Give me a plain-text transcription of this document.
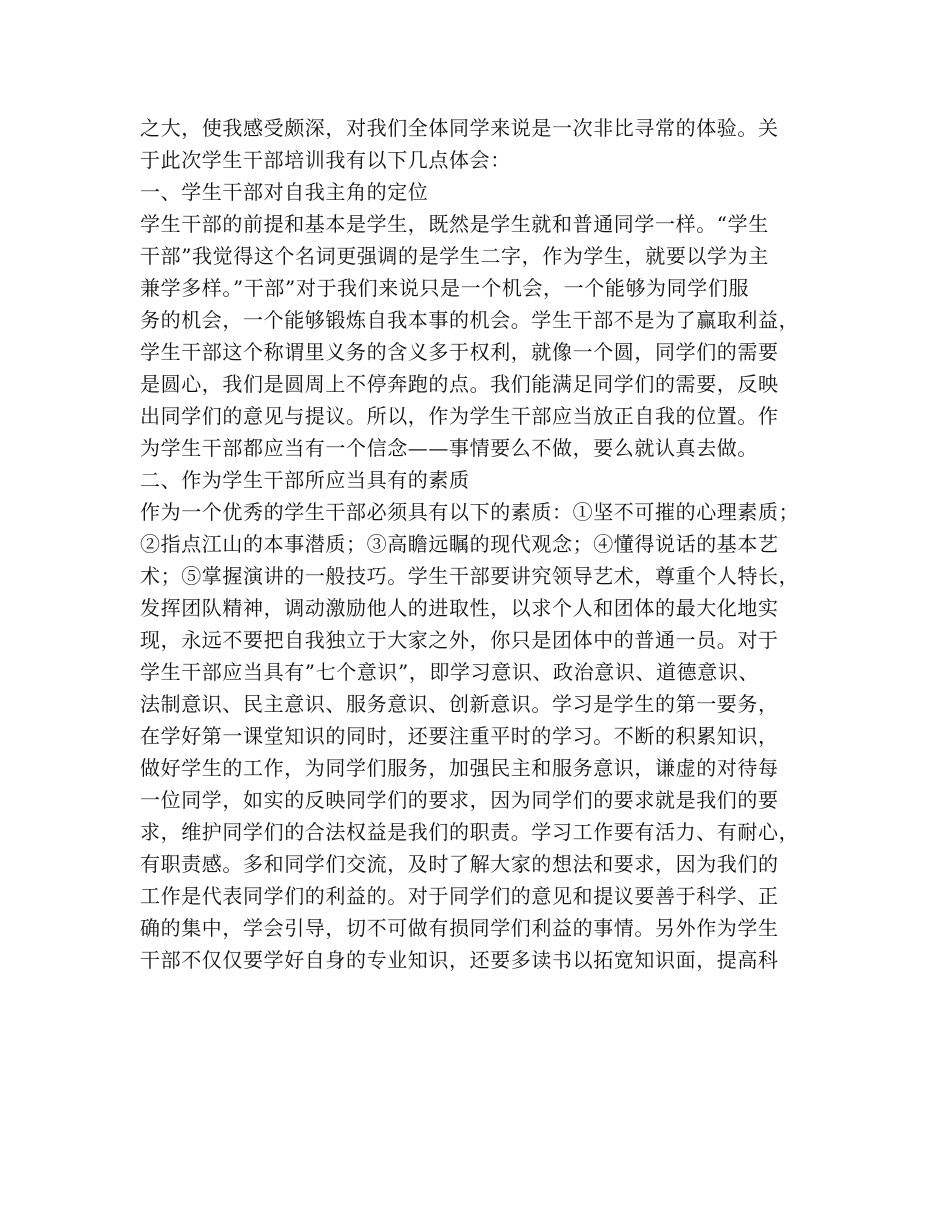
之大，使我感受颇深，对我们全体同学来说是一次非比寻常的体验。关
于此次学生干部培训我有以下几点体会：
一、学生干部对自我主角的定位
学生干部的前提和基本是学生，既然是学生就和普通同学一样。“学生
干部”我觉得这个名词更强调的是学生二字，作为学生，就要以学为主
兼学多样。”干部”对于我们来说只是一个机会，一个能够为同学们服
务的机会，一个能够锻炼自我本事的机会。学生干部不是为了赢取利益，
学生干部这个称谓里义务的含义多于权利，就像一个圆，同学们的需要
是圆心，我们是圆周上不停奔跑的点。我们能满足同学们的需要，反映
出同学们的意见与提议。所以，作为学生干部应当放正自我的位置。作
为学生干部都应当有一个信念——事情要么不做，要么就认真去做。
二、作为学生干部所应当具有的素质
作为一个优秀的学生干部必须具有以下的素质：①坚不可摧的心理素质；
②指点江山的本事潜质；③高瞻远瞩的现代观念；④懂得说话的基本艺
术；⑤掌握演讲的一般技巧。学生干部要讲究领导艺术，尊重个人特长，
发挥团队精神，调动激励他人的进取性，以求个人和团体的最大化地实
现，永远不要把自我独立于大家之外，你只是团体中的普通一员。对于
学生干部应当具有”七个意识”，即学习意识、政治意识、道德意识、
法制意识、民主意识、服务意识、创新意识。学习是学生的第一要务，
在学好第一课堂知识的同时，还要注重平时的学习。不断的积累知识，
做好学生的工作，为同学们服务，加强民主和服务意识，谦虚的对待每
一位同学，如实的反映同学们的要求，因为同学们的要求就是我们的要
求，维护同学们的合法权益是我们的职责。学习工作要有活力、有耐心，
有职责感。多和同学们交流，及时了解大家的想法和要求，因为我们的
工作是代表同学们的利益的。对于同学们的意见和提议要善于科学、正
确的集中，学会引导，切不可做有损同学们利益的事情。另外作为学生
干部不仅仅要学好自身的专业知识，还要多读书以拓宽知识面，提高科
